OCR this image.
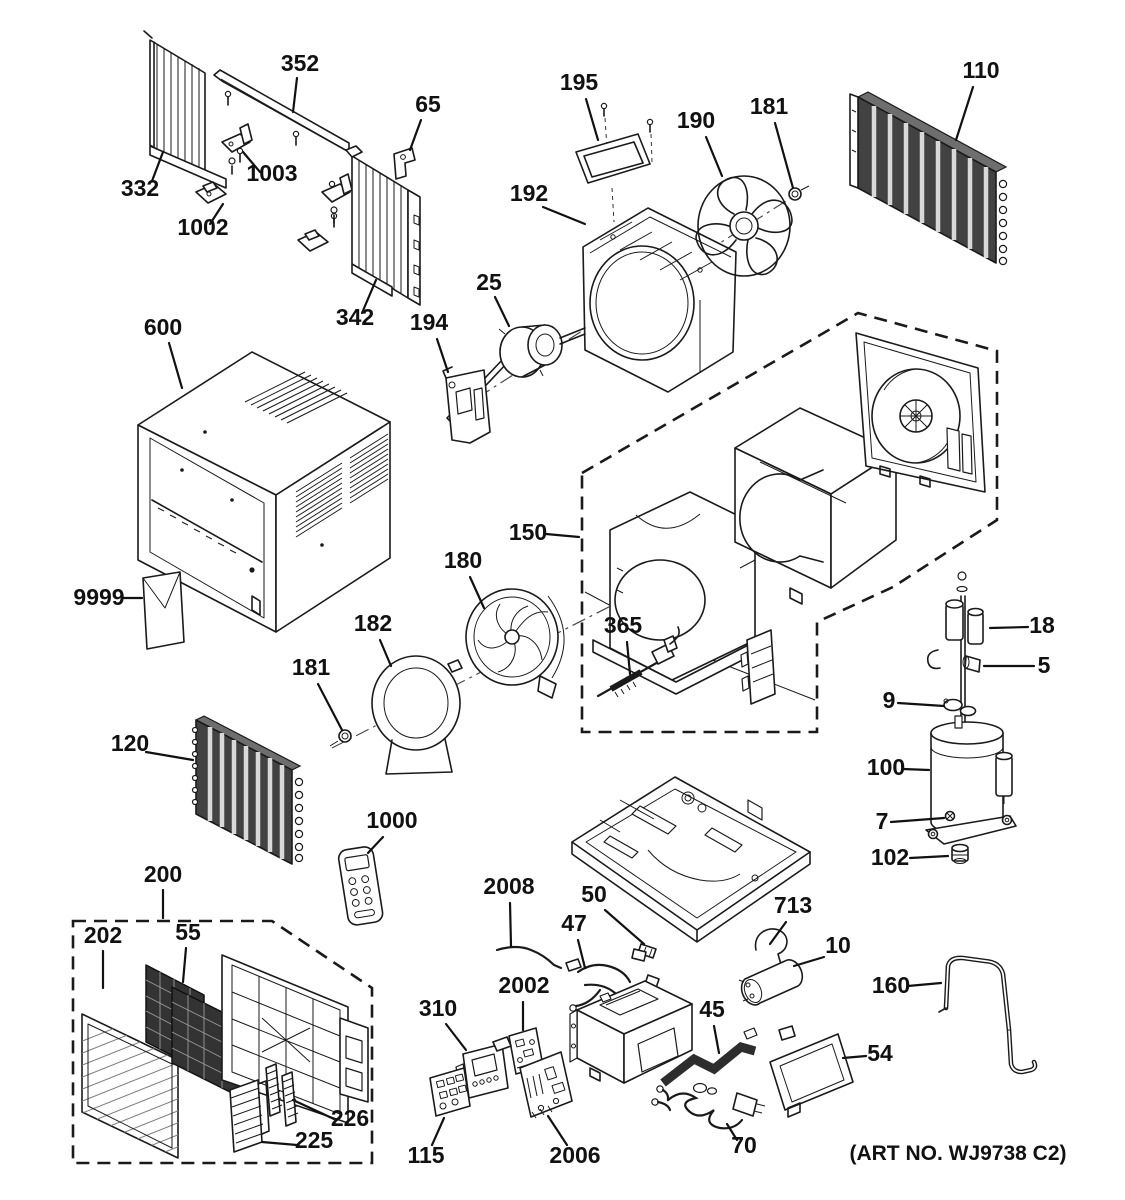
352
65
332
1003
1002
342
195
190
181
110
192
25
194
600
9999
150
365
180
182
181
120
18
5
9
100
7
102
1000
200
202 55
226
225
2008 50
47
713
10
160
310
2002
115	2006
45
54
70	(ART NO. WJ9738 C2)
